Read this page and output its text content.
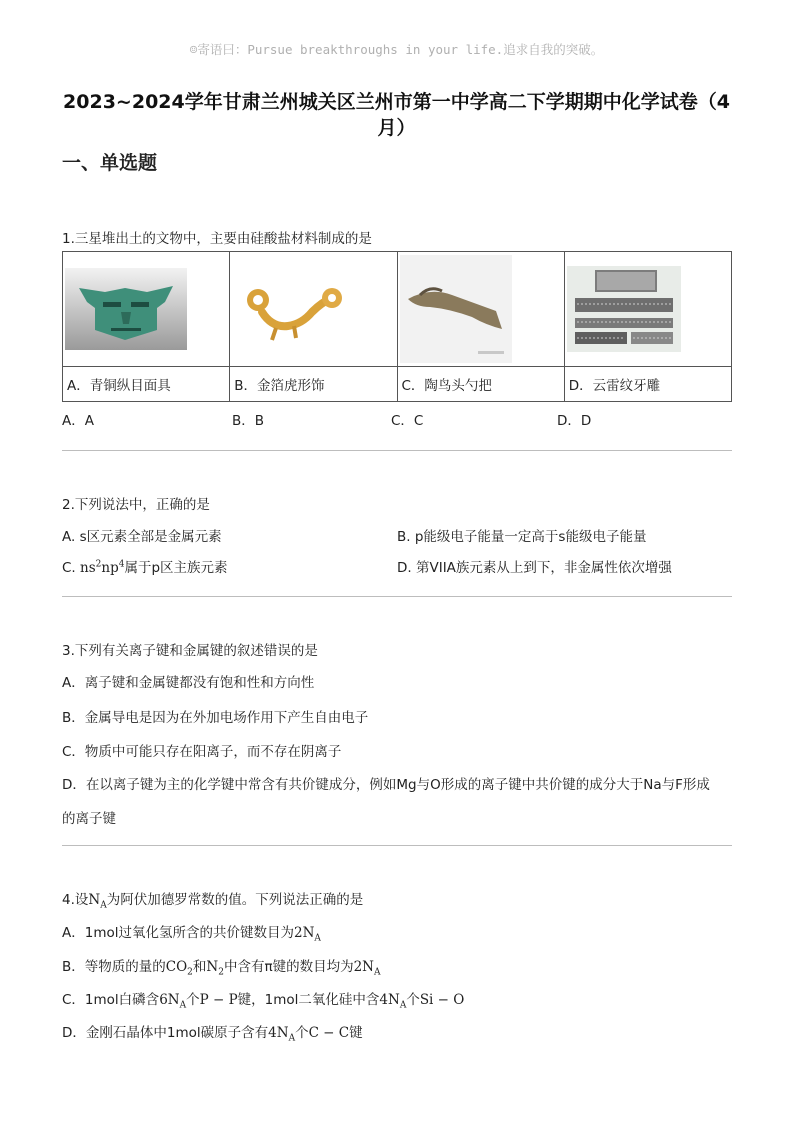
☺寄语曰：Pursue breakthroughs in your life.追求自我的突破。
2023~2024学年甘肃兰州城关区兰州市第一中学高二下学期期中化学试卷（4
月）
一、单选题
1.三星堆出土的文物中，主要由硅酸盐材料制成的是

A．青铜纵目面具	B．金箔虎形饰	C．陶鸟头勺把	D．云雷纹牙雕
A．A	B．B	C．C	D．D
2.下列说法中，正确的是
A. s区元素全部是金属元素	B. p能级电子能量一定高于s能级电子能量
C. $ns^2np^4$属于p区主族元素	D. 第VIIA族元素从上到下，非金属性依次增强
3.下列有关离子键和金属键的叙述错误的是
A．离子键和金属键都没有饱和性和方向性
B．金属导电是因为在外加电场作用下产生自由电子
C．物质中可能只存在阳离子，而不存在阴离子
D．在以离子键为主的化学键中常含有共价键成分，例如Mg与O形成的离子键中共价键的成分大于Na与F形成
的离子键
4.设$N_A$为阿伏加德罗常数的值。下列说法正确的是
A．1mol过氧化氢所含的共价键数目为$2N_A$
B．等物质的量的$CO_2$和$N_2$中含有π键的数目均为$2N_A$
C．1mol白磷含$6N_A$个P − P键，1mol二氧化硅中含$4N_A$个Si − O
D．金刚石晶体中1mol碳原子含有$4N_A$个C − C键
